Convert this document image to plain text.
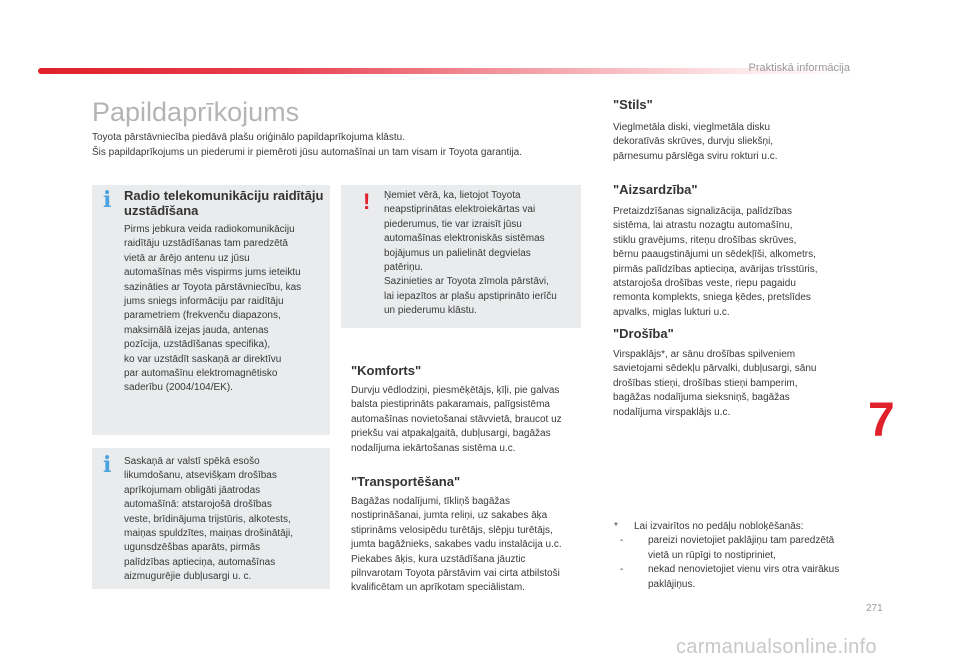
Praktiskā informācija
Papildaprīkojums
Toyota pārstāvniecība piedāvā plašu oriģinālo papildaprīkojuma klāstu.
Šis papildaprīkojums un piederumi ir piemēroti jūsu automašīnai un tam visam ir Toyota garantija.
i Radio telekomunikāciju raidītāju uzstādīšana
Pirms jebkura veida radiokomunikāciju
raidītāju uzstādīšanas tam paredzētā
vietā ar ārējo antenu uz jūsu
automašīnas mēs vispirms jums ieteiktu
sazināties ar Toyota pārstāvniecību, kas
jums sniegs informāciju par raidītāju
parametriem (frekvenču diapazons,
maksimālā izejas jauda, antenas
pozīcija, uzstādīšanas specifika),
ko var uzstādīt saskaņā ar direktīvu
par automašīnu elektromagnētisko
saderību (2004/104/EK).
i Saskaņā ar valstī spēkā esošo
likumdošanu, atsevišķam drošības
aprīkojumam obligāti jāatrodas
automašīnā: atstarojošā drošības
veste, brīdinājuma trijstūris, alkotests,
maiņas spuldzītes, maiņas drošinātāji,
ugunsdzēšbas aparāts, pirmās
palīdzības aptieciņa, automašīnas
aizmugurējie dubļusargi u. c.
! Ņemiet vērā, ka, lietojot Toyota
neapstiprinātas elektroiekārtas vai
piederumus, tie var izraisīt jūsu
automašīnas elektroniskās sistēmas
bojājumus un palielināt degvielas
patēriņu.
Sazinieties ar Toyota zīmola pārstāvi,
lai iepazītos ar plašu apstiprināto ierīču
un piederumu klāstu.
"Komforts"
Durvju vēdlodziņi, piesmēķētājs, ķīļi, pie galvas
balsta piestiprināts pakaramais, palīgsistēma
automašīnas novietošanai stāvvietā, braucot uz
priekšu vai atpakaļgaitā, dubļusargi, bagāžas
nodalījuma iekārtošanas sistēma u.c.
"Transportēšana"
Bagāžas nodalījumi, tīkliņš bagāžas
nostiprināšanai, jumta reliņi, uz sakabes āķa
stiprināms velosipēdu turētājs, slēpju turētājs,
jumta bagāžnieks, sakabes vadu instalācija u.c.
Piekabes āķis, kura uzstādīšana jāuztic
pilnvarotam Toyota pārstāvim vai cirta atbilstoši
kvalificētam un aprīkotam speciālistam.
"Stils"
Vieglmetāla diski, vieglmetāla disku
dekoratīvās skrūves, durvju sliekšņi,
pārnesumu pārslēga sviru rokturi u.c.
"Aizsardzība"
Pretaizdzīšanas signalizācija, palīdzības
sistēma, lai atrastu nozagtu automašīnu,
stiklu gravējums, riteņu drošības skrūves,
bērnu paaugstinājumi un sēdekļīši, alkometrs,
pirmās palīdzības aptieciņa, avārijas trīsstūris,
atstarojoša drošības veste, riepu pagaidu
remonta komplekts, sniega ķēdes, pretslīdes
apvalks, miglas lukturi u.c.
"Drošība"
Virspaklājs*, ar sānu drošības spilveniem
savietojami sēdekļu pārvalki, dubļusargi, sānu
drošības stieņi, drošības stieņi bamperim,
bagāžas nodalījuma sieksniņš, bagāžas
nodalījuma virspaklājs u.c.
*	Lai izvairītos no pedāļu nobloķēšanās:
-	pareizi novietojiet paklājiņu tam paredzētā vietā un rūpīgi to nostipriniet,
-	nekad nenovietojiet vienu virs otra vairākus paklājiņus.
7
271
carmanualsonline.info
